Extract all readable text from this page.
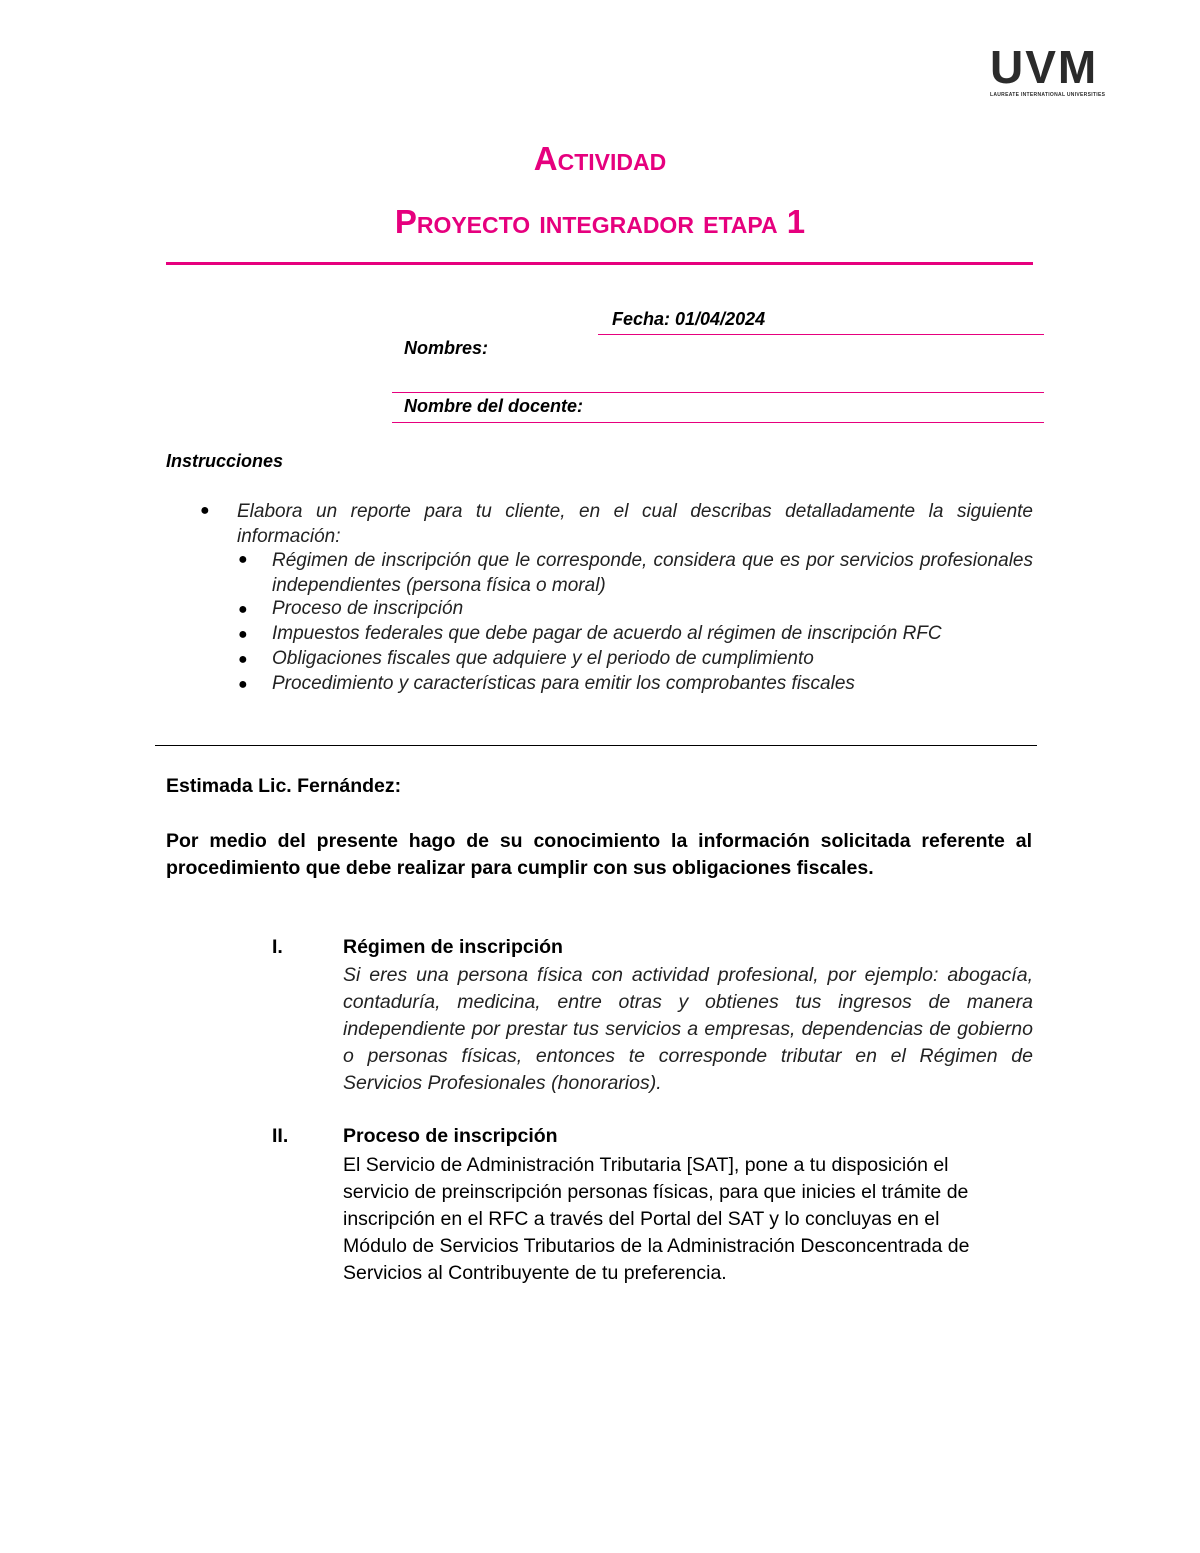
UVM
LAUREATE INTERNATIONAL UNIVERSITIES
Actividad
Proyecto integrador etapa 1
Fecha: 01/04/2024
Nombres:
Nombre del docente:
Instrucciones
● Elabora un reporte para tu cliente, en el cual describas detalladamente la siguiente información:
● Régimen de inscripción que le corresponde, considera que es por servicios profesionales independientes (persona física o moral)
● Proceso de inscripción
● Impuestos federales que debe pagar de acuerdo al régimen de inscripción RFC
● Obligaciones fiscales que adquiere y el periodo de cumplimiento
● Procedimiento y características para emitir los comprobantes fiscales
Estimada Lic. Fernández:
Por medio del presente hago de su conocimiento la información solicitada referente al procedimiento que debe realizar para cumplir con sus obligaciones fiscales.
I.	Régimen de inscripción
Si eres una persona física con actividad profesional, por ejemplo: abogacía, contaduría, medicina, entre otras y obtienes tus ingresos de manera independiente por prestar tus servicios a empresas, dependencias de gobierno o personas físicas, entonces te corresponde tributar en el Régimen de Servicios Profesionales (honorarios).
II.	Proceso de inscripción
El Servicio de Administración Tributaria [SAT], pone a tu disposición el
servicio de preinscripción personas físicas, para que inicies el trámite de
inscripción en el RFC a través del Portal del SAT y lo concluyas en el
Módulo de Servicios Tributarios de la Administración Desconcentrada de
Servicios al Contribuyente de tu preferencia.
